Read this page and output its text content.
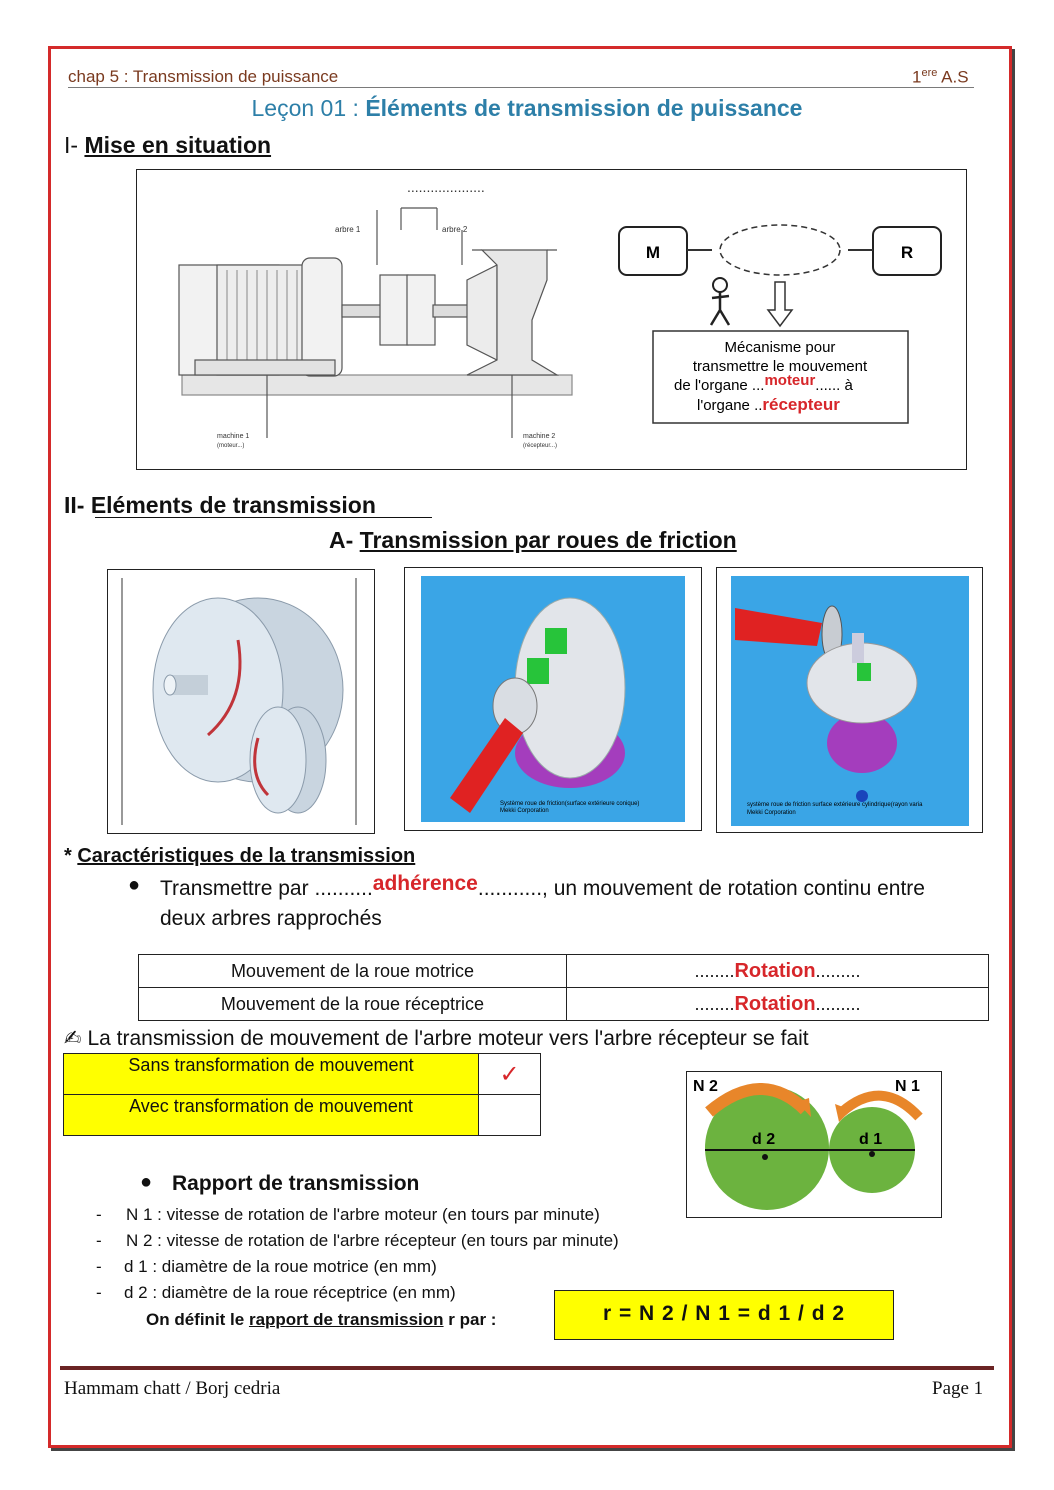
chap 5 : Transmission de puissance	1ere A.S
Leçon 01 : Éléments de transmission de puissance
I- Mise en situation
....................
arbre 1	arbre 2
machine 1
(moteur...)
machine 2
(récepteur...)
M	R
Mécanisme pour
transmettre le mouvement
de l'organe ...moteur...... à
l'organe ..récepteur
II- Eléments de transmission
A- Transmission par roues de friction
Système roue de friction(surface extérieure conique)
Mekki Corporation
système roue de friction surface extérieure cylindrique(rayon varia
Mekki Corporation
* Caractéristiques de la transmission
● Transmettre par ..........adhérence..........., un mouvement de rotation continu entre
deux arbres rapprochés
Mouvement de la roue motrice	........Rotation.........
Mouvement de la roue réceptrice	........Rotation.........
✍ La transmission de mouvement de l'arbre moteur vers l'arbre récepteur se fait
Sans transformation de mouvement	✓
Avec transformation de mouvement	
N 2	N 1
d 2	d 1
● Rapport de transmission
- N 1 : vitesse de rotation de l'arbre moteur (en tours par minute)
- N 2 : vitesse de rotation de l'arbre récepteur (en tours par minute)
- d 1 : diamètre de la roue motrice (en mm)
- d 2 : diamètre de la roue réceptrice (en mm)
On définit le rapport de transmission r par :	r = N 2 / N 1 = d 1 / d 2
Hammam chatt / Borj cedria	Page 1
